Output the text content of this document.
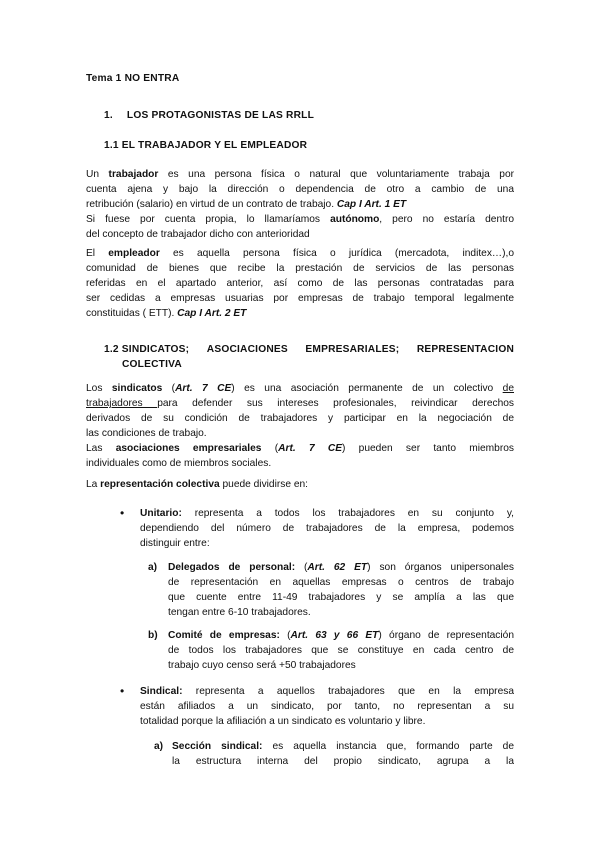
Tema 1 NO ENTRA
1. LOS PROTAGONISTAS DE LAS RRLL
1.1 EL TRABAJADOR Y EL EMPLEADOR
Un trabajador es una persona física o natural que voluntariamente trabaja por
cuenta ajena y bajo la dirección o dependencia de otro a cambio de una
retribución (salario) en virtud de un contrato de trabajo. Cap I Art. 1 ET
Si fuese por cuenta propia, lo llamaríamos autónomo, pero no estaría dentro
del concepto de trabajador dicho con anterioridad
El empleador es aquella persona física o jurídica (mercadota, inditex…),o
comunidad de bienes que recibe la prestación de servicios de las personas
referidas en el apartado anterior, así como de las personas contratadas para
ser cedidas a empresas usuarias por empresas de trabajo temporal legalmente
constituidas ( ETT). Cap I Art. 2 ET
1.2 SINDICATOS; ASOCIACIONES EMPRESARIALES; REPRESENTACION
COLECTIVA
Los sindicatos (Art. 7 CE) es una asociación permanente de un colectivo de
trabajadores para defender sus intereses profesionales, reivindicar derechos
derivados de su condición de trabajadores y participar en la negociación de
las condiciones de trabajo.
Las asociaciones empresariales (Art. 7 CE) pueden ser tanto miembros
individuales como de miembros sociales.
La representación colectiva puede dividirse en:
• Unitario: representa a todos los trabajadores en su conjunto y,
dependiendo del número de trabajadores de la empresa, podemos
distinguir entre:
a) Delegados de personal: (Art. 62 ET) son órganos unipersonales
de representación en aquellas empresas o centros de trabajo
que cuente entre 11-49 trabajadores y se amplía a las que
tengan entre 6-10 trabajadores.
b) Comité de empresas: (Art. 63 y 66 ET) órgano de representación
de todos los trabajadores que se constituye en cada centro de
trabajo cuyo censo será +50 trabajadores
• Sindical: representa a aquellos trabajadores que en la empresa
están afiliados a un sindicato, por tanto, no representan a su
totalidad porque la afiliación a un sindicato es voluntario y libre.
a) Sección sindical: es aquella instancia que, formando parte de
la estructura interna del propio sindicato, agrupa a la
